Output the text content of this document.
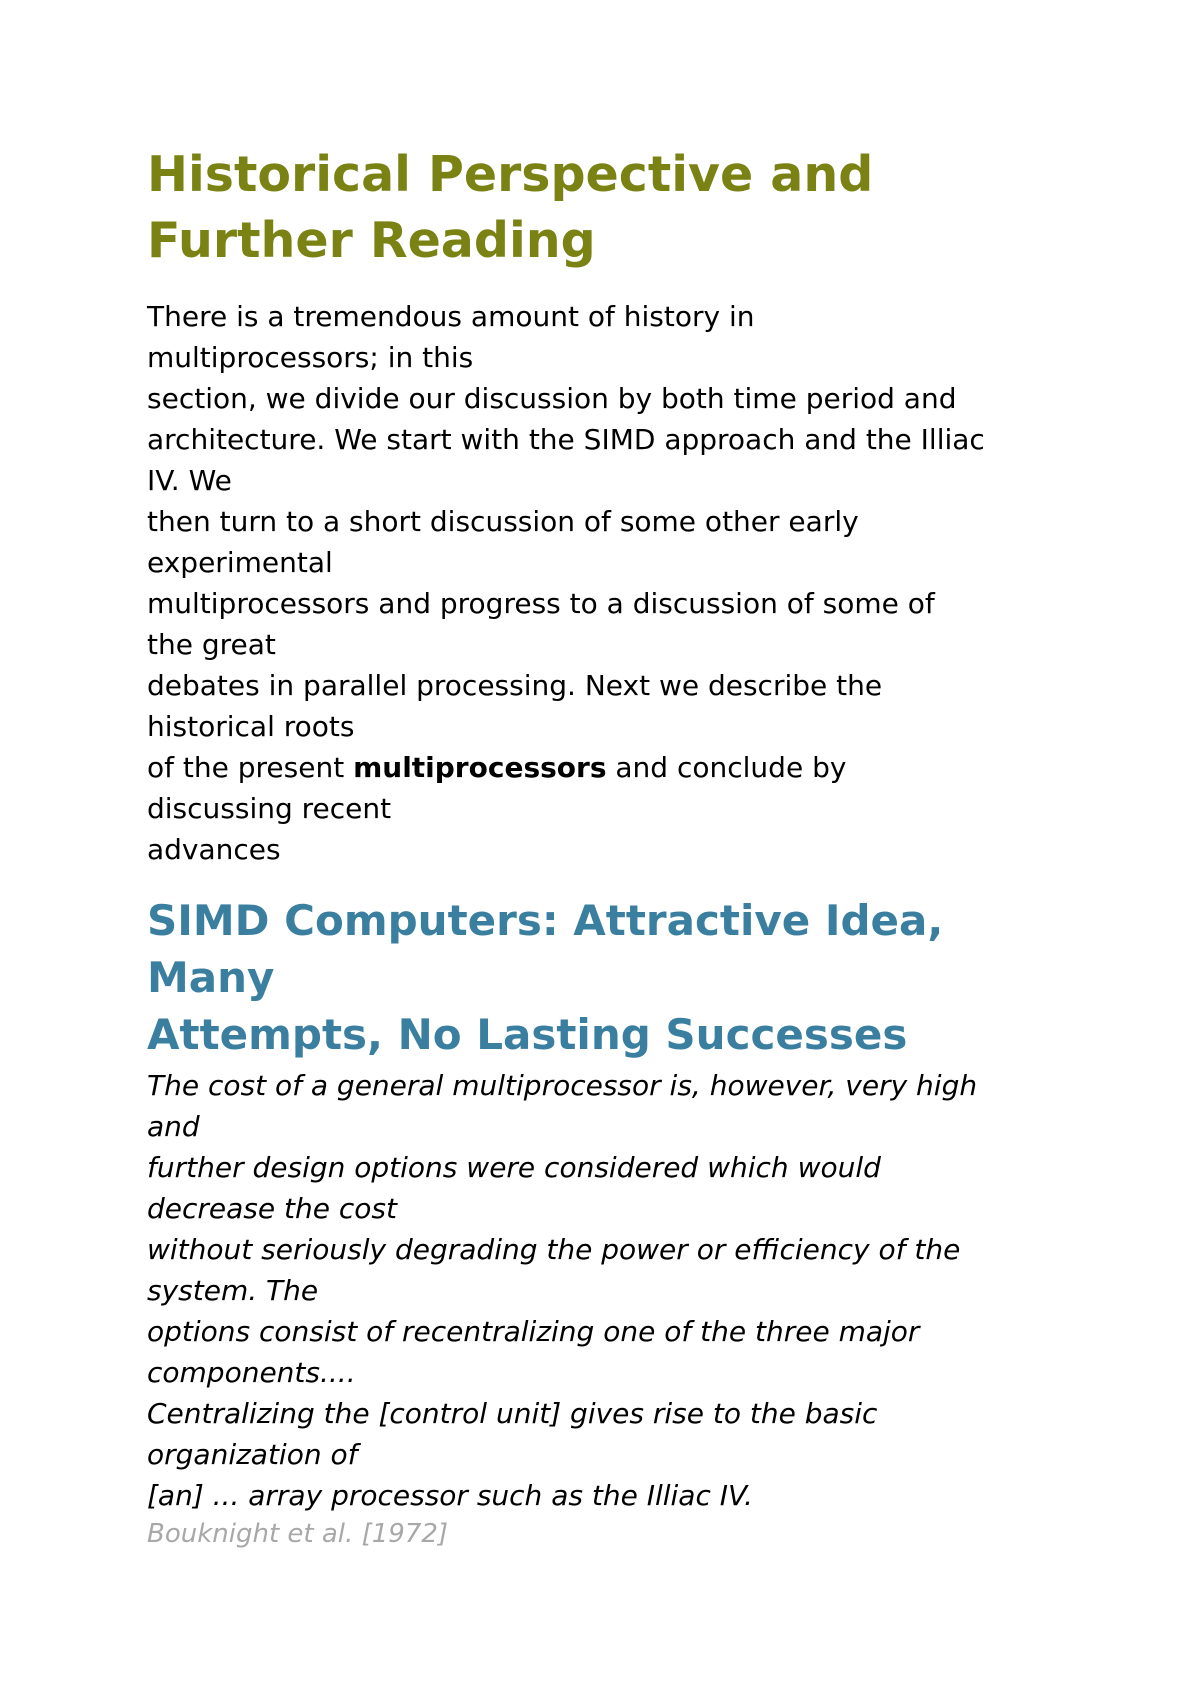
Historical Perspective and
Further Reading

There is a tremendous amount of history in
multiprocessors; in this
section, we divide our discussion by both time period and
architecture. We start with the SIMD approach and the Illiac
IV. We
then turn to a short discussion of some other early
experimental
multiprocessors and progress to a discussion of some of
the great
debates in parallel processing. Next we describe the
historical roots
of the present multiprocessors and conclude by
discussing recent
advances

SIMD Computers: Attractive Idea,
Many
Attempts, No Lasting Successes
The cost of a general multiprocessor is, however, very high
and
further design options were considered which would
decrease the cost
without seriously degrading the power or efficiency of the
system. The
options consist of recentralizing one of the three major
components....
Centralizing the [control unit] gives rise to the basic
organization of
[an] ... array processor such as the Illiac IV.

Bouknight et al. [1972]
